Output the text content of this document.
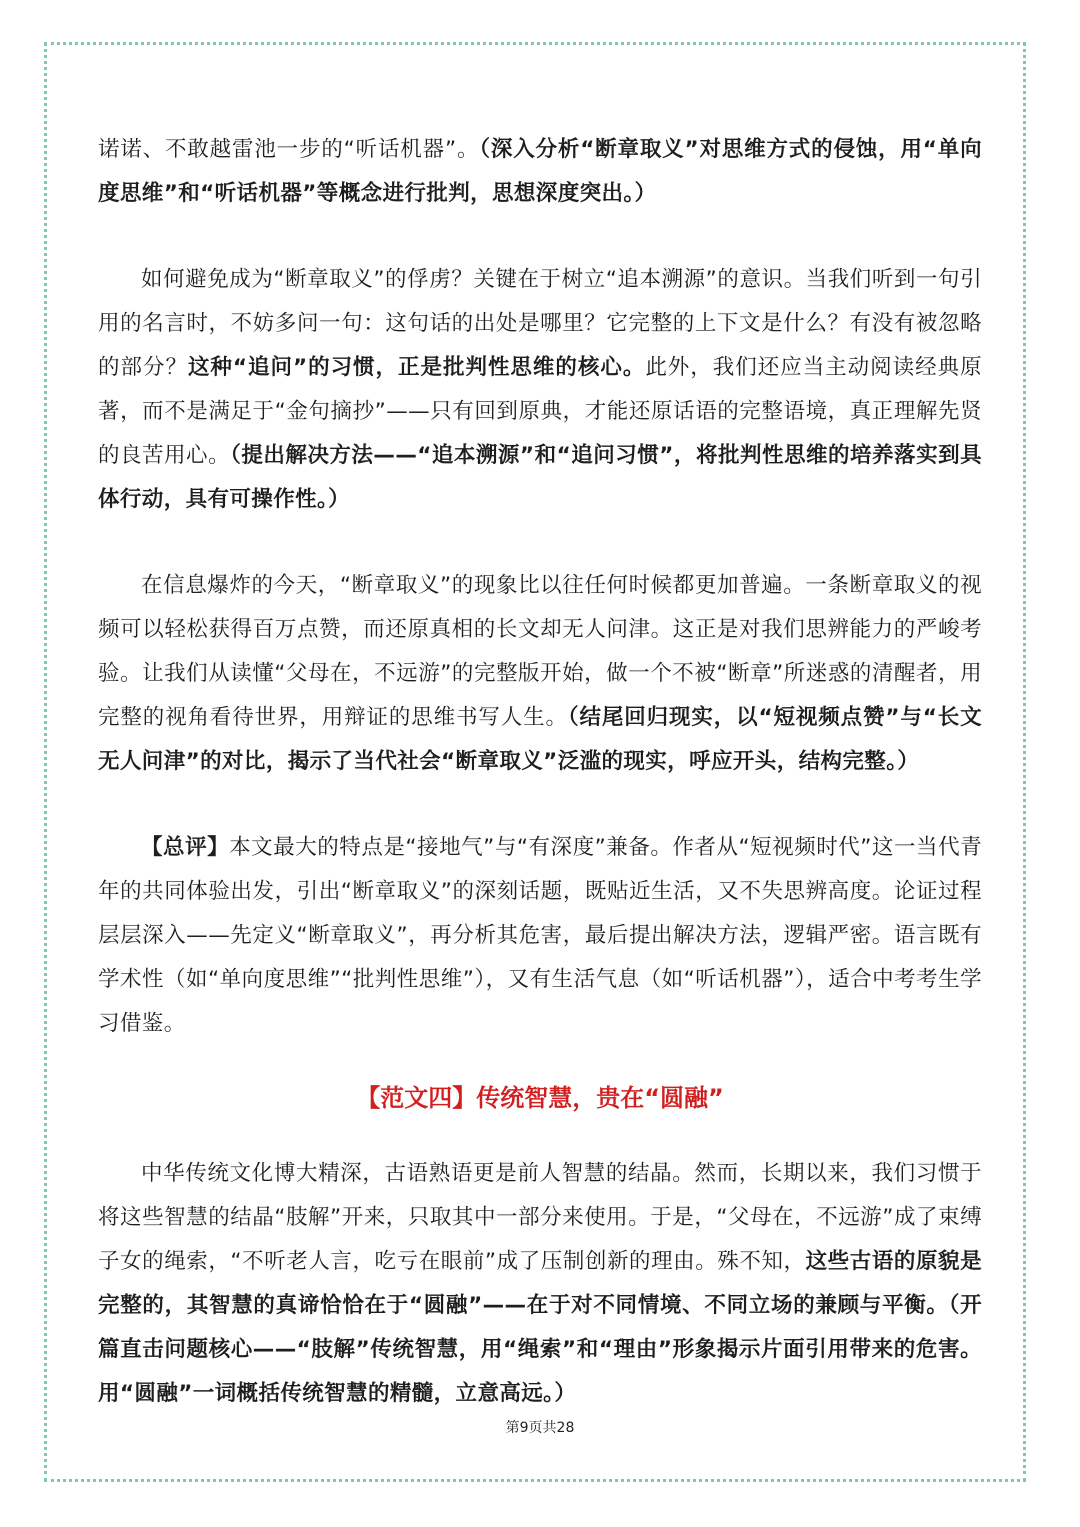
诺诺、不敢越雷池一步的“听话机器”。（深入分析“断章取义”对思维方式的侵蚀，用“单向度思维”和“听话机器”等概念进行批判，思想深度突出。）

如何避免成为“断章取义”的俘虏？关键在于树立“追本溯源”的意识。当我们听到一句引用的名言时，不妨多问一句：这句话的出处是哪里？它完整的上下文是什么？有没有被忽略的部分？这种“追问”的习惯，正是批判性思维的核心。此外，我们还应当主动阅读经典原著，而不是满足于“金句摘抄”——只有回到原典，才能还原话语的完整语境，真正理解先贤的良苦用心。（提出解决方法——“追本溯源”和“追问习惯”，将批判性思维的培养落实到具体行动，具有可操作性。）

在信息爆炸的今天，“断章取义”的现象比以往任何时候都更加普遍。一条断章取义的视频可以轻松获得百万点赞，而还原真相的长文却无人问津。这正是对我们思辨能力的严峻考验。让我们从读懂“父母在，不远游”的完整版开始，做一个不被“断章”所迷惑的清醒者，用完整的视角看待世界，用辩证的思维书写人生。（结尾回归现实，以“短视频点赞”与“长文无人问津”的对比，揭示了当代社会“断章取义”泛滥的现实，呼应开头，结构完整。）

【总评】本文最大的特点是“接地气”与“有深度”兼备。作者从“短视频时代”这一当代青年的共同体验出发，引出“断章取义”的深刻话题，既贴近生活，又不失思辨高度。论证过程层层深入——先定义“断章取义”，再分析其危害，最后提出解决方法，逻辑严密。语言既有学术性（如“单向度思维”“批判性思维”），又有生活气息（如“听话机器”），适合中考考生学习借鉴。

【范文四】传统智慧，贵在“圆融”

中华传统文化博大精深，古语熟语更是前人智慧的结晶。然而，长期以来，我们习惯于将这些智慧的结晶“肢解”开来，只取其中一部分来使用。于是，“父母在，不远游”成了束缚子女的绳索，“不听老人言，吃亏在眼前”成了压制创新的理由。殊不知，这些古语的原貌是完整的，其智慧的真谛恰恰在于“圆融”——在于对不同情境、不同立场的兼顾与平衡。（开篇直击问题核心——“肢解”传统智慧，用“绳索”和“理由”形象揭示片面引用带来的危害。用“圆融”一词概括传统智慧的精髓，立意高远。）

第9页共28
